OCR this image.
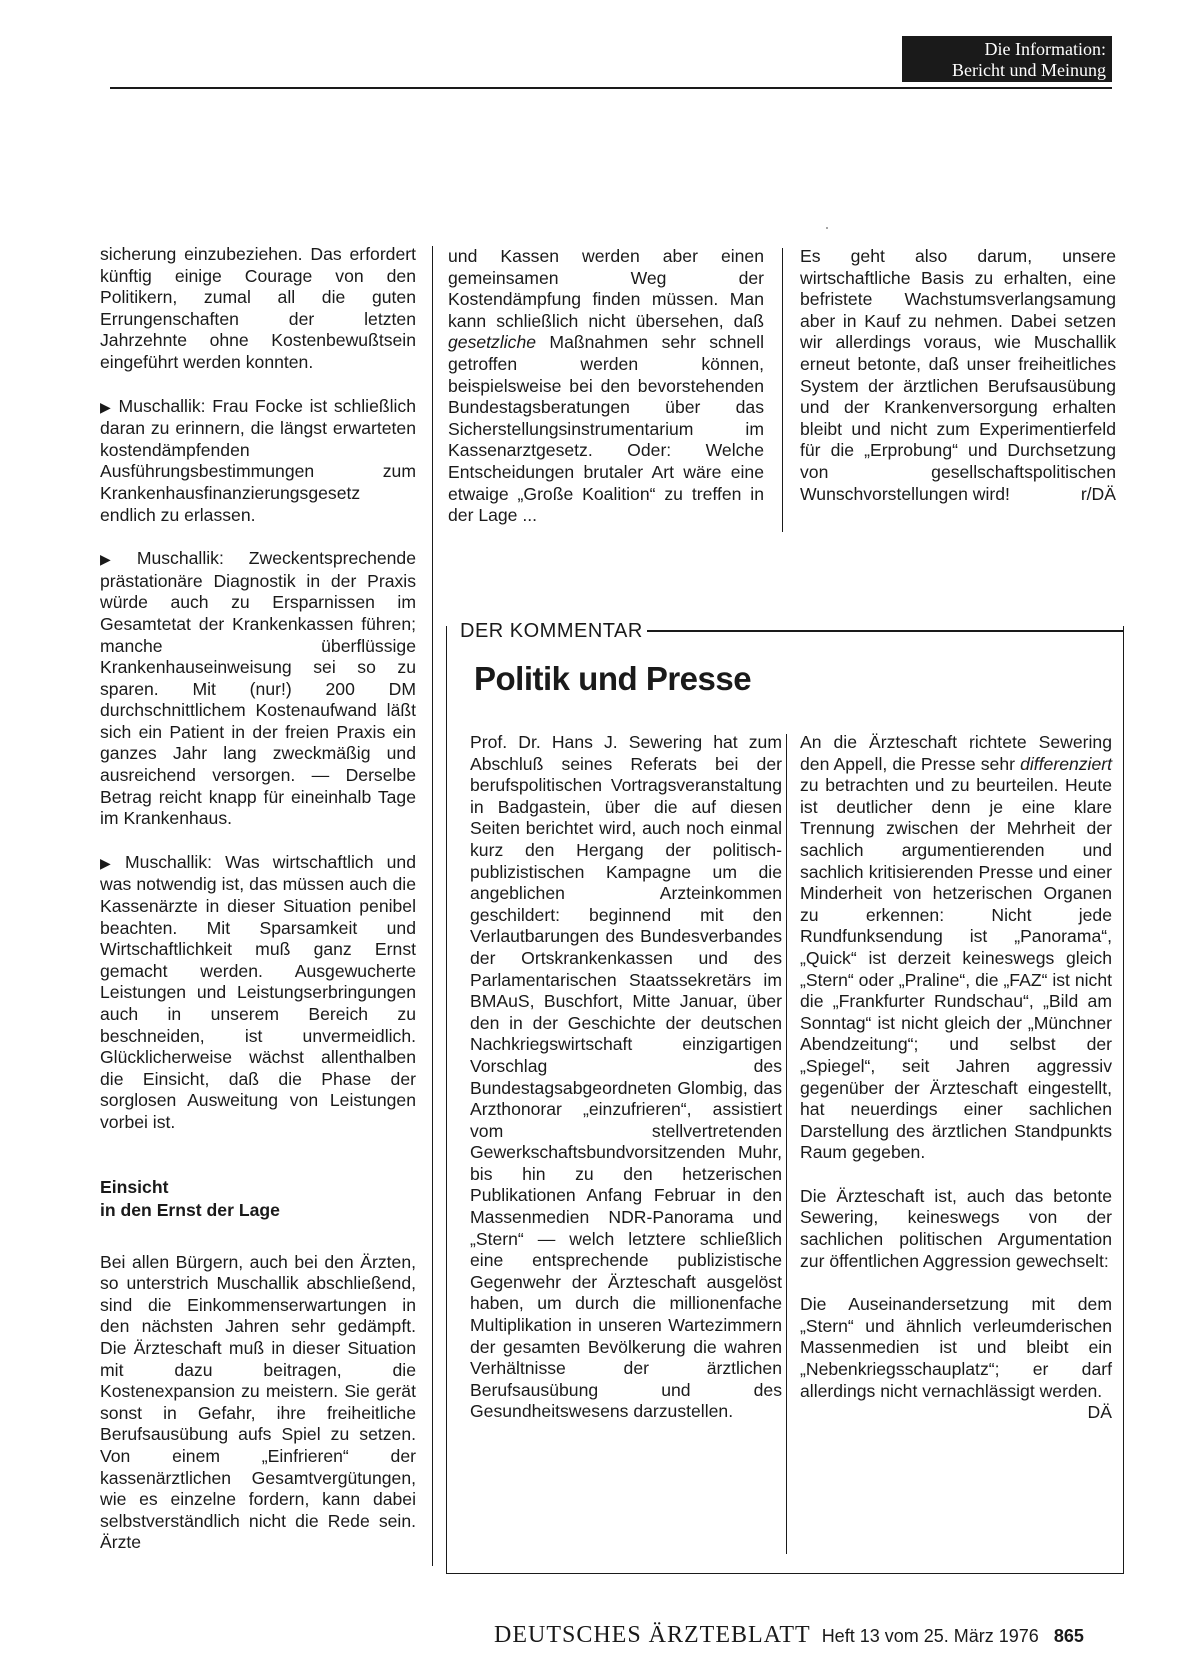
Die Information:
Bericht und Meinung

sicherung einzubeziehen. Das erfordert künftig einige Courage von den Politikern, zumal all die guten Errungenschaften der letzten Jahrzehnte ohne Kostenbewußtsein eingeführt werden konnten.

▶ Muschallik: Frau Focke ist schließlich daran zu erinnern, die längst erwarteten kostendämpfenden Ausführungsbestimmungen zum Krankenhausfinanzierungsgesetz endlich zu erlassen.

▶ Muschallik: Zweckentsprechende prästationäre Diagnostik in der Praxis würde auch zu Ersparnissen im Gesamtetat der Krankenkassen führen; manche überflüssige Krankenhauseinweisung sei so zu sparen. Mit (nur!) 200 DM durchschnittlichem Kostenaufwand läßt sich ein Patient in der freien Praxis ein ganzes Jahr lang zweckmäßig und ausreichend versorgen. — Derselbe Betrag reicht knapp für eineinhalb Tage im Krankenhaus.

▶ Muschallik: Was wirtschaftlich und was notwendig ist, das müssen auch die Kassenärzte in dieser Situation penibel beachten. Mit Sparsamkeit und Wirtschaftlichkeit muß ganz Ernst gemacht werden. Ausgewucherte Leistungen und Leistungserbringungen auch in unserem Bereich zu beschneiden, ist unvermeidlich. Glücklicherweise wächst allenthalben die Einsicht, daß die Phase der sorglosen Ausweitung von Leistungen vorbei ist.

Einsicht
in den Ernst der Lage

Bei allen Bürgern, auch bei den Ärzten, so unterstrich Muschallik abschließend, sind die Einkommenserwartungen in den nächsten Jahren sehr gedämpft. Die Ärzteschaft muß in dieser Situation mit dazu beitragen, die Kostenexpansion zu meistern. Sie gerät sonst in Gefahr, ihre freiheitliche Berufsausübung aufs Spiel zu setzen. Von einem „Einfrieren“ der kassenärztlichen Gesamtvergütungen, wie es einzelne fordern, kann dabei selbstverständlich nicht die Rede sein. Ärzte

und Kassen werden aber einen gemeinsamen Weg der Kostendämpfung finden müssen. Man kann schließlich nicht übersehen, daß gesetzliche Maßnahmen sehr schnell getroffen werden können, beispielsweise bei den bevorstehenden Bundestagsberatungen über das Sicherstellungsinstrumentarium im Kassenarztgesetz. Oder: Welche Entscheidungen brutaler Art wäre eine etwaige „Große Koalition“ zu treffen in der Lage ...

Es geht also darum, unsere wirtschaftliche Basis zu erhalten, eine befristete Wachstumsverlangsamung aber in Kauf zu nehmen. Dabei setzen wir allerdings voraus, wie Muschallik erneut betonte, daß unser freiheitliches System der ärztlichen Berufsausübung und der Krankenversorgung erhalten bleibt und nicht zum Experimentierfeld für die „Erprobung“ und Durchsetzung von gesellschaftspolitischen Wunschvorstellungen wird!	r/DÄ

DER KOMMENTAR
Politik und Presse

Prof. Dr. Hans J. Sewering hat zum Abschluß seines Referats bei der berufspolitischen Vortragsveranstaltung in Badgastein, über die auf diesen Seiten berichtet wird, auch noch einmal kurz den Hergang der politisch-publizistischen Kampagne um die angeblichen Arzteinkommen geschildert: beginnend mit den Verlautbarungen des Bundesverbandes der Ortskrankenkassen und des Parlamentarischen Staatssekretärs im BMAuS, Buschfort, Mitte Januar, über den in der Geschichte der deutschen Nachkriegswirtschaft einzigartigen Vorschlag des Bundestagsabgeordneten Glombig, das Arzthonorar „einzufrieren“, assistiert vom stellvertretenden Gewerkschaftsbundvorsitzenden Muhr, bis hin zu den hetzerischen Publikationen Anfang Februar in den Massenmedien NDR-Panorama und „Stern“ — welch letztere schließlich eine entsprechende publizistische Gegenwehr der Ärzteschaft ausgelöst haben, um durch die millionenfache Multiplikation in unseren Wartezimmern der gesamten Bevölkerung die wahren Verhältnisse der ärztlichen Berufsausübung und des Gesundheitswesens darzustellen.

An die Ärzteschaft richtete Sewering den Appell, die Presse sehr differenziert zu betrachten und zu beurteilen. Heute ist deutlicher denn je eine klare Trennung zwischen der Mehrheit der sachlich argumentierenden und sachlich kritisierenden Presse und einer Minderheit von hetzerischen Organen zu erkennen: Nicht jede Rundfunksendung ist „Panorama“, „Quick“ ist derzeit keineswegs gleich „Stern“ oder „Praline“, die „FAZ“ ist nicht die „Frankfurter Rundschau“, „Bild am Sonntag“ ist nicht gleich der „Münchner Abendzeitung“; und selbst der „Spiegel“, seit Jahren aggressiv gegenüber der Ärzteschaft eingestellt, hat neuerdings einer sachlichen Darstellung des ärztlichen Standpunkts Raum gegeben.

Die Ärzteschaft ist, auch das betonte Sewering, keineswegs von der sachlichen politischen Argumentation zur öffentlichen Aggression gewechselt:

Die Auseinandersetzung mit dem „Stern“ und ähnlich verleumderischen Massenmedien ist und bleibt ein „Nebenkriegsschauplatz“; er darf allerdings nicht vernachlässigt werden.
DÄ

DEUTSCHES ÄRZTEBLATT Heft 13 vom 25. März 1976 865
